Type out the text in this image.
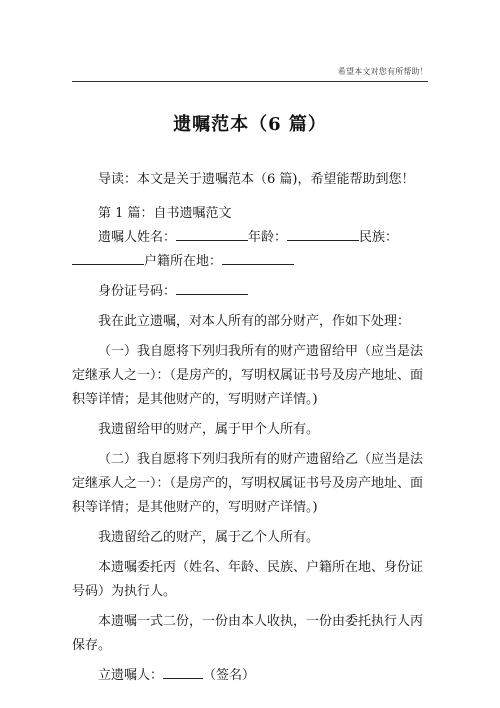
希望本文对您有所帮助！
遗嘱范本（6 篇）

导读：本文是关于遗嘱范本（6 篇)，希望能帮助到您！

第 1 篇：自书遗嘱范文

遗嘱人姓名：	年龄：	民族：

户籍所在地：

身份证号码：

我在此立遗嘱，对本人所有的部分财产，作如下处理：

（一）我自愿将下列归我所有的财产遗留给甲（应当是法定继承人之一）：（是房产的，写明权属证书号及房产地址、面积等详情；是其他财产的，写明财产详情。)

我遗留给甲的财产，属于甲个人所有。

（二）我自愿将下列归我所有的财产遗留给乙（应当是法定继承人之一）：（是房产的，写明权属证书号及房产地址、面积等详情；是其他财产的，写明财产详情。)

我遗留给乙的财产，属于乙个人所有。

本遗嘱委托丙（姓名、年龄、民族、户籍所在地、身份证号码）为执行人。

本遗嘱一式二份，一份由本人收执，一份由委托执行人丙保存。

立遗嘱人：	（签名）
